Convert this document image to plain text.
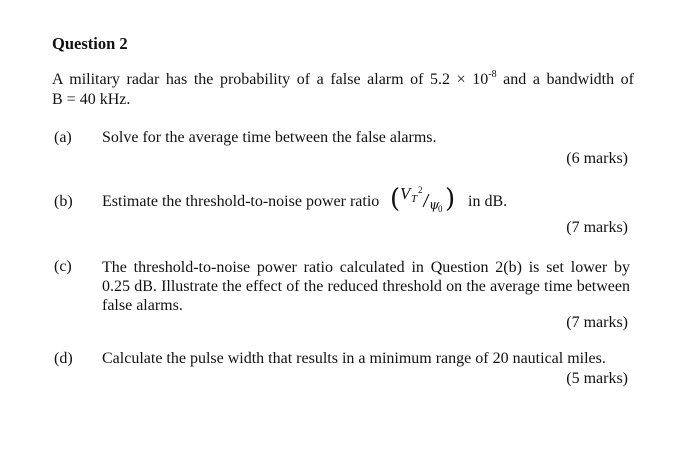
Question 2
A military radar has the probability of a false alarm of $5.2 \times 10^{-8}$ and a bandwidth of
B = 40 kHz.
(a) Solve for the average time between the false alarms.
(6 marks)
(b) Estimate the threshold-to-noise power ratio ( V T
2
ψ
0 ) in dB.
(7 marks)
(c) The threshold-to-noise power ratio calculated in Question 2(b) is set lower by
0.25 dB. Illustrate the effect of the reduced threshold on the average time between
false alarms.
(7 marks)
(d) Calculate the pulse width that results in a minimum range of 20 nautical miles.
(5 marks)
